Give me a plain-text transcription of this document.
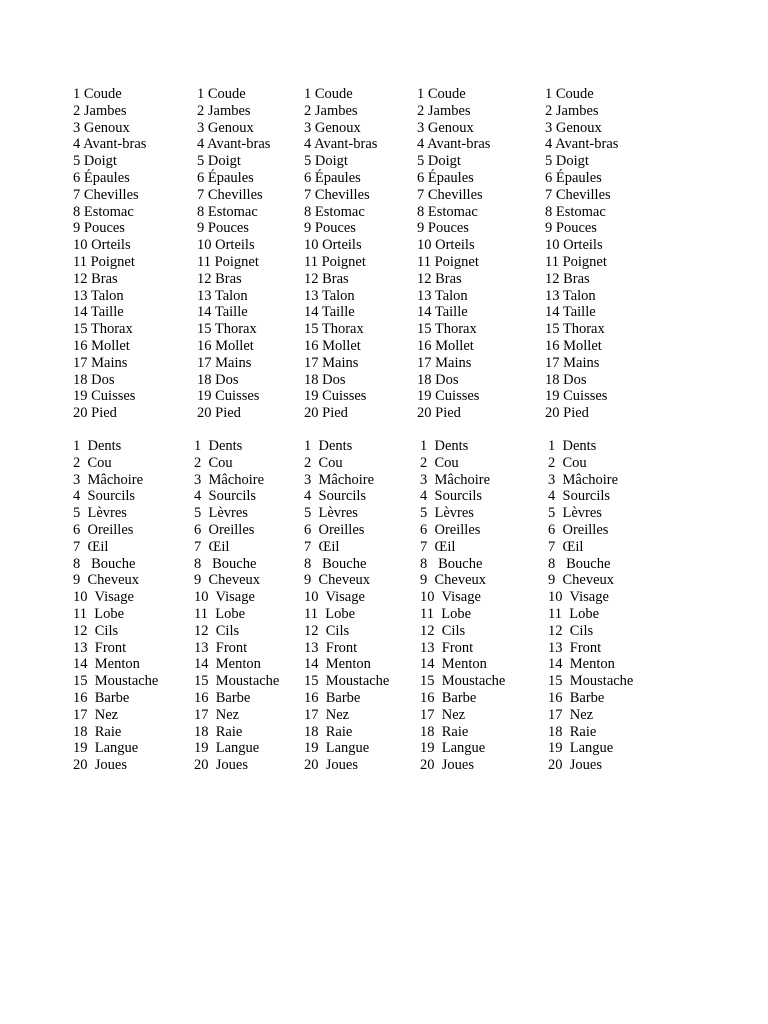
1 Coude
2 Jambes
3 Genoux
4 Avant-bras
5 Doigt
6 Épaules
7 Chevilles
8 Estomac
9 Pouces
10 Orteils
11 Poignet
12 Bras
13 Talon
14 Taille
15 Thorax
16 Mollet
17 Mains
18 Dos
19 Cuisses
20 Pied
1 Coude
2 Jambes
3 Genoux
4 Avant-bras
5 Doigt
6 Épaules
7 Chevilles
8 Estomac
9 Pouces
10 Orteils
11 Poignet
12 Bras
13 Talon
14 Taille
15 Thorax
16 Mollet
17 Mains
18 Dos
19 Cuisses
20 Pied
1 Coude
2 Jambes
3 Genoux
4 Avant-bras
5 Doigt
6 Épaules
7 Chevilles
8 Estomac
9 Pouces
10 Orteils
11 Poignet
12 Bras
13 Talon
14 Taille
15 Thorax
16 Mollet
17 Mains
18 Dos
19 Cuisses
20 Pied
1 Coude
2 Jambes
3 Genoux
4 Avant-bras
5 Doigt
6 Épaules
7 Chevilles
8 Estomac
9 Pouces
10 Orteils
11 Poignet
12 Bras
13 Talon
14 Taille
15 Thorax
16 Mollet
17 Mains
18 Dos
19 Cuisses
20 Pied
1 Coude
2 Jambes
3 Genoux
4 Avant-bras
5 Doigt
6 Épaules
7 Chevilles
8 Estomac
9 Pouces
10 Orteils
11 Poignet
12 Bras
13 Talon
14 Taille
15 Thorax
16 Mollet
17 Mains
18 Dos
19 Cuisses
20 Pied
1  Dents
2  Cou
3  Mâchoire
4  Sourcils
5  Lèvres
6  Oreilles
7  Œil
8   Bouche
9  Cheveux
10  Visage
11  Lobe
12  Cils
13  Front
14  Menton
15  Moustache
16  Barbe
17  Nez
18  Raie
19  Langue
20  Joues
1  Dents
2  Cou
3  Mâchoire
4  Sourcils
5  Lèvres
6  Oreilles
7  Œil
8   Bouche
9  Cheveux
10  Visage
11  Lobe
12  Cils
13  Front
14  Menton
15  Moustache
16  Barbe
17  Nez
18  Raie
19  Langue
20  Joues
1  Dents
2  Cou
3  Mâchoire
4  Sourcils
5  Lèvres
6  Oreilles
7  Œil
8   Bouche
9  Cheveux
10  Visage
11  Lobe
12  Cils
13  Front
14  Menton
15  Moustache
16  Barbe
17  Nez
18  Raie
19  Langue
20  Joues
1  Dents
2  Cou
3  Mâchoire
4  Sourcils
5  Lèvres
6  Oreilles
7  Œil
8   Bouche
9  Cheveux
10  Visage
11  Lobe
12  Cils
13  Front
14  Menton
15  Moustache
16  Barbe
17  Nez
18  Raie
19  Langue
20  Joues
1  Dents
2  Cou
3  Mâchoire
4  Sourcils
5  Lèvres
6  Oreilles
7  Œil
8   Bouche
9  Cheveux
10  Visage
11  Lobe
12  Cils
13  Front
14  Menton
15  Moustache
16  Barbe
17  Nez
18  Raie
19  Langue
20  Joues
